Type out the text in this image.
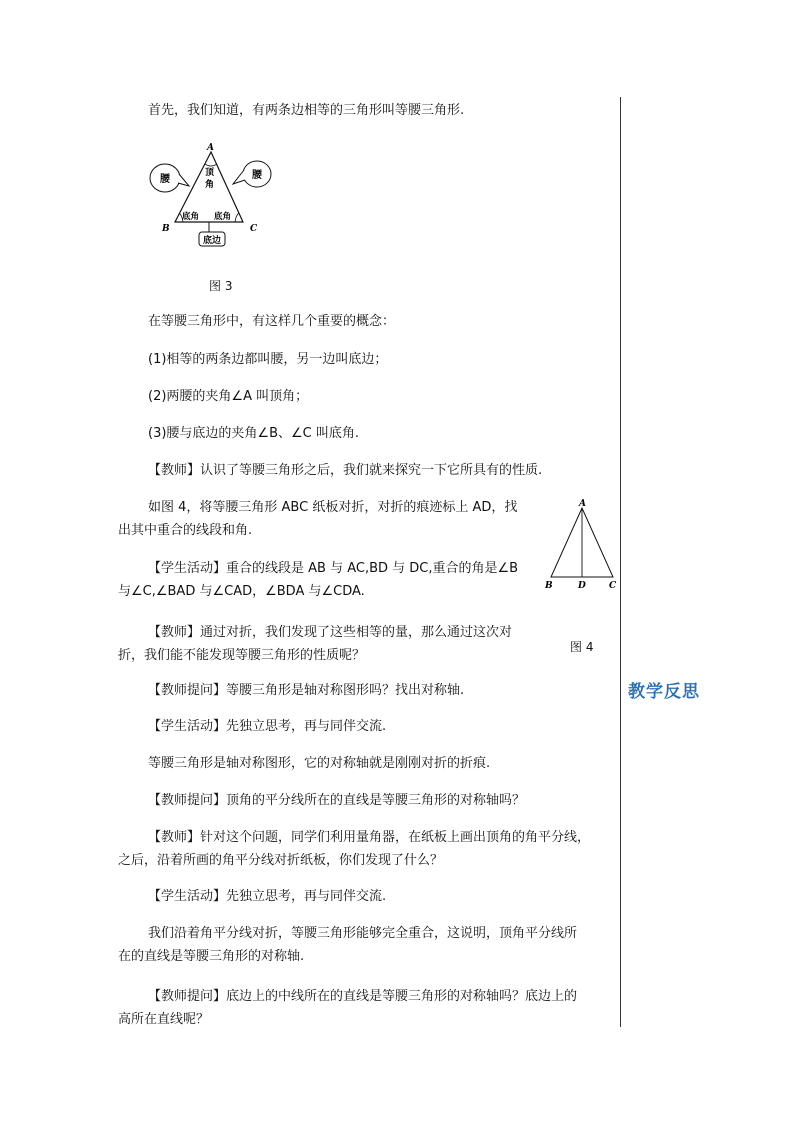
教学反思
首先，我们知道，有两条边相等的三角形叫等腰三角形.
A
B	C
顶
角
底角 底角
腰	腰
底边
图 3
在等腰三角形中，有这样几个重要的概念：
(1)相等的两条边都叫腰，另一边叫底边；
(2)两腰的夹角∠A 叫顶角；
(3)腰与底边的夹角∠B、∠C 叫底角.
【教师】认识了等腰三角形之后，我们就来探究一下它所具有的性质.
如图 4，将等腰三角形 ABC 纸板对折，对折的痕迹标上 AD，找
出其中重合的线段和角.
【学生活动】重合的线段是 AB 与 AC,BD 与 DC,重合的角是∠B
与∠C,∠BAD 与∠CAD，∠BDA 与∠CDA.
【教师】通过对折，我们发现了这些相等的量，那么通过这次对
折，我们能不能发现等腰三角形的性质呢？
A
B	D	C
图 4
【教师提问】等腰三角形是轴对称图形吗？找出对称轴.
【学生活动】先独立思考，再与同伴交流.
等腰三角形是轴对称图形，它的对称轴就是刚刚对折的折痕.
【教师提问】顶角的平分线所在的直线是等腰三角形的对称轴吗？
【教师】针对这个问题，同学们利用量角器，在纸板上画出顶角的角平分线，
之后，沿着所画的角平分线对折纸板，你们发现了什么？
【学生活动】先独立思考，再与同伴交流.
我们沿着角平分线对折，等腰三角形能够完全重合，这说明，顶角平分线所
在的直线是等腰三角形的对称轴.
【教师提问】底边上的中线所在的直线是等腰三角形的对称轴吗？底边上的
高所在直线呢？
